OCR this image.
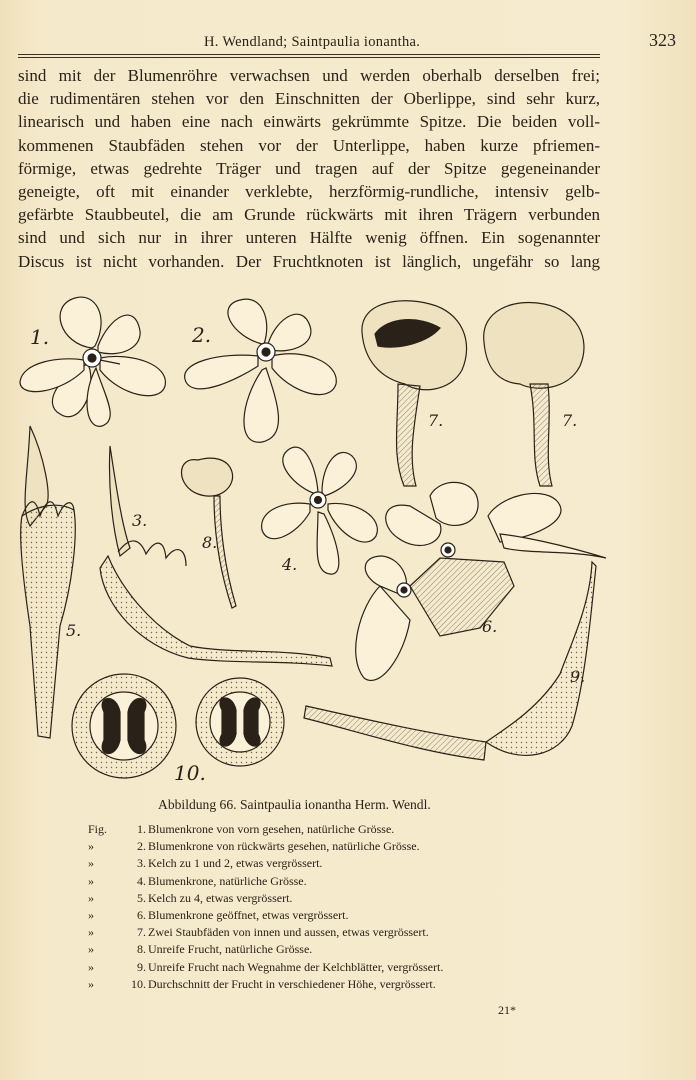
H. Wendland; Saintpaulia ionantha.	323
sind mit der Blumenröhre verwachsen und werden oberhalb derselben frei;
die rudimentären stehen vor den Einschnitten der Oberlippe, sind sehr kurz,
linearisch und haben eine nach einwärts gekrümmte Spitze. Die beiden voll-
kommenen Staubfäden stehen vor der Unterlippe, haben kurze pfriemen-
förmige, etwas gedrehte Träger und tragen auf der Spitze gegeneinander
geneigte, oft mit einander verklebte, herzförmig-rundliche, intensiv gelb-
gefärbte Staubbeutel, die am Grunde rückwärts mit ihren Trägern verbunden
sind und sich nur in ihrer unteren Hälfte wenig öffnen. Ein sogenannter
Discus ist nicht vorhanden. Der Fruchtknoten ist länglich, ungefähr so lang
1.	2.
7.	7.
5.
3.
8.
4.
6.
9.
10.
Abbildung 66. Saintpaulia ionantha Herm. Wendl.
Fig.	1. Blumenkrone von vorn gesehen, natürliche Grösse.
»	2. Blumenkrone von rückwärts gesehen, natürliche Grösse.
»	3. Kelch zu 1 und 2, etwas vergrössert.
»	4. Blumenkrone, natürliche Grösse.
»	5. Kelch zu 4, etwas vergrössert.
»	6. Blumenkrone geöffnet, etwas vergrössert.
»	7. Zwei Staubfäden von innen und aussen, etwas vergrössert.
»	8. Unreife Frucht, natürliche Grösse.
»	9. Unreife Frucht nach Wegnahme der Kelchblätter, vergrössert.
»	10. Durchschnitt der Frucht in verschiedener Höhe, vergrössert.
21*
